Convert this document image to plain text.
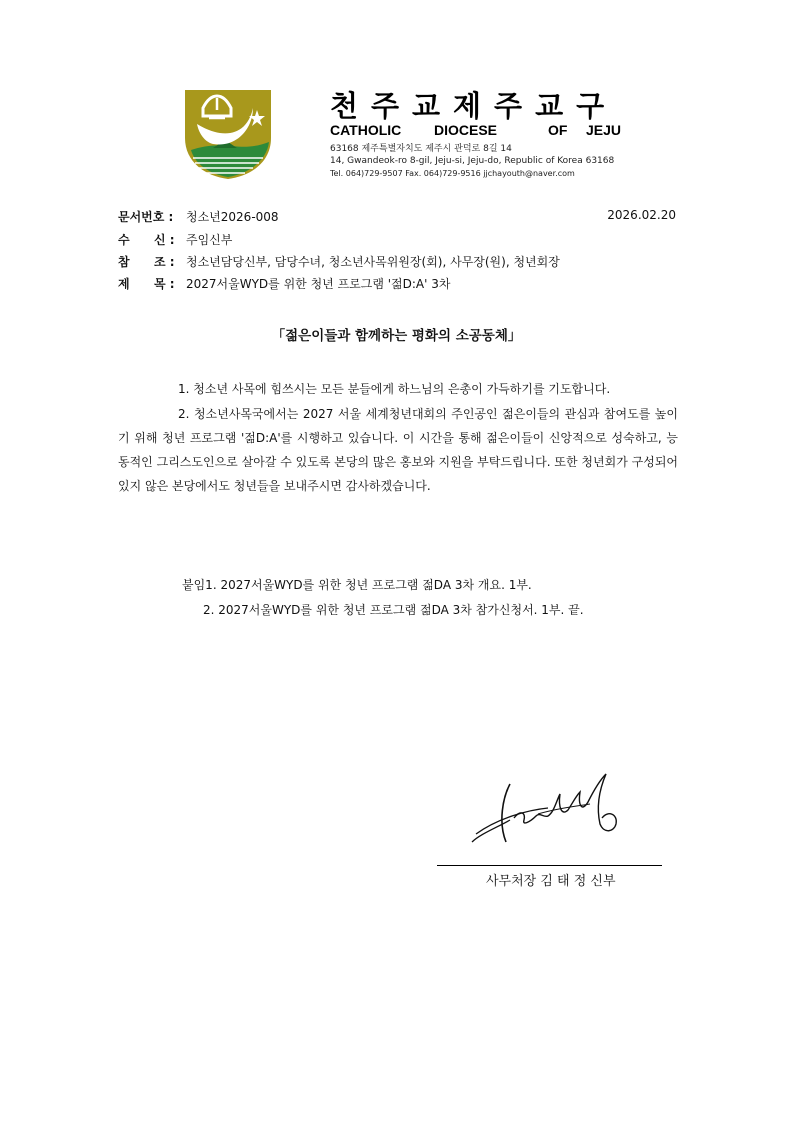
천주교제주교구
CATHOLIC DIOCESE	OF JEJU
63168 제주특별자치도 제주시 관덕로 8길 14
14, Gwandeok-ro 8-gil, Jeju-si, Jeju-do, Republic of Korea 63168
Tel. 064)729-9507 Fax. 064)729-9516 jjchayouth@naver.com
문서번호 : 청소년2026-008	2026.02.20
수 신 : 주임신부
참 조 : 청소년담당신부, 담당수녀, 청소년사목위원장(회), 사무장(원), 청년회장
제 목 : 2027서울WYD를 위한 청년 프로그램 '젊D:A' 3차
「젊은이들과 함께하는 평화의 소공동체」
1. 청소년 사목에 힘쓰시는 모든 분들에게 하느님의 은총이 가득하기를 기도합니다.

2. 청소년사목국에서는 2027 서울 세계청년대회의 주인공인 젊은이들의 관심과 참여도를 높이기 위해 청년 프로그램 '젊D:A'를 시행하고 있습니다. 이 시간을 통해 젊은이들이 신앙적으로 성숙하고, 능동적인 그리스도인으로 살아갈 수 있도록 본당의 많은 홍보와 지원을 부탁드립니다. 또한 청년회가 구성되어 있지 않은 본당에서도 청년들을 보내주시면 감사하겠습니다.

붙임1. 2027서울WYD를 위한 청년 프로그램 젊DA 3차 개요. 1부.
2. 2027서울WYD를 위한 청년 프로그램 젊DA 3차 참가신청서. 1부. 끝.
사무처장 김 태 정 신부
